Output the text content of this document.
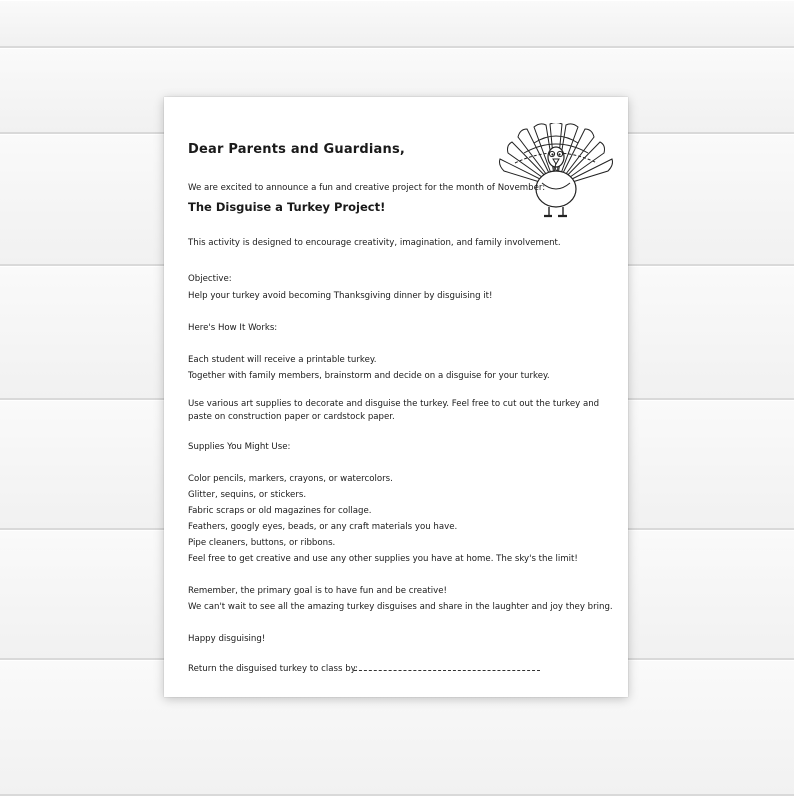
Dear Parents and Guardians,

We are excited to announce a fun and creative project for the month of November:

The Disguise a Turkey Project!

This activity is designed to encourage creativity, imagination, and family involvement.

Objective:

Help your turkey avoid becoming Thanksgiving dinner by disguising it!

Here's How It Works:

Each student will receive a printable turkey.

Together with family members, brainstorm and decide on a disguise for your turkey.

Use various art supplies to decorate and disguise the turkey. Feel free to cut out the turkey and paste on construction paper or cardstock paper.

Supplies You Might Use:

Color pencils, markers, crayons, or watercolors.

Glitter, sequins, or stickers.

Fabric scraps or old magazines for collage.

Feathers, googly eyes, beads, or any craft materials you have.

Pipe cleaners, buttons, or ribbons.

Feel free to get creative and use any other supplies you have at home. The sky's the limit!

Remember, the primary goal is to have fun and be creative!

We can't wait to see all the amazing turkey disguises and share in the laughter and joy they bring.

Happy disguising!

Return the disguised turkey to class by:
